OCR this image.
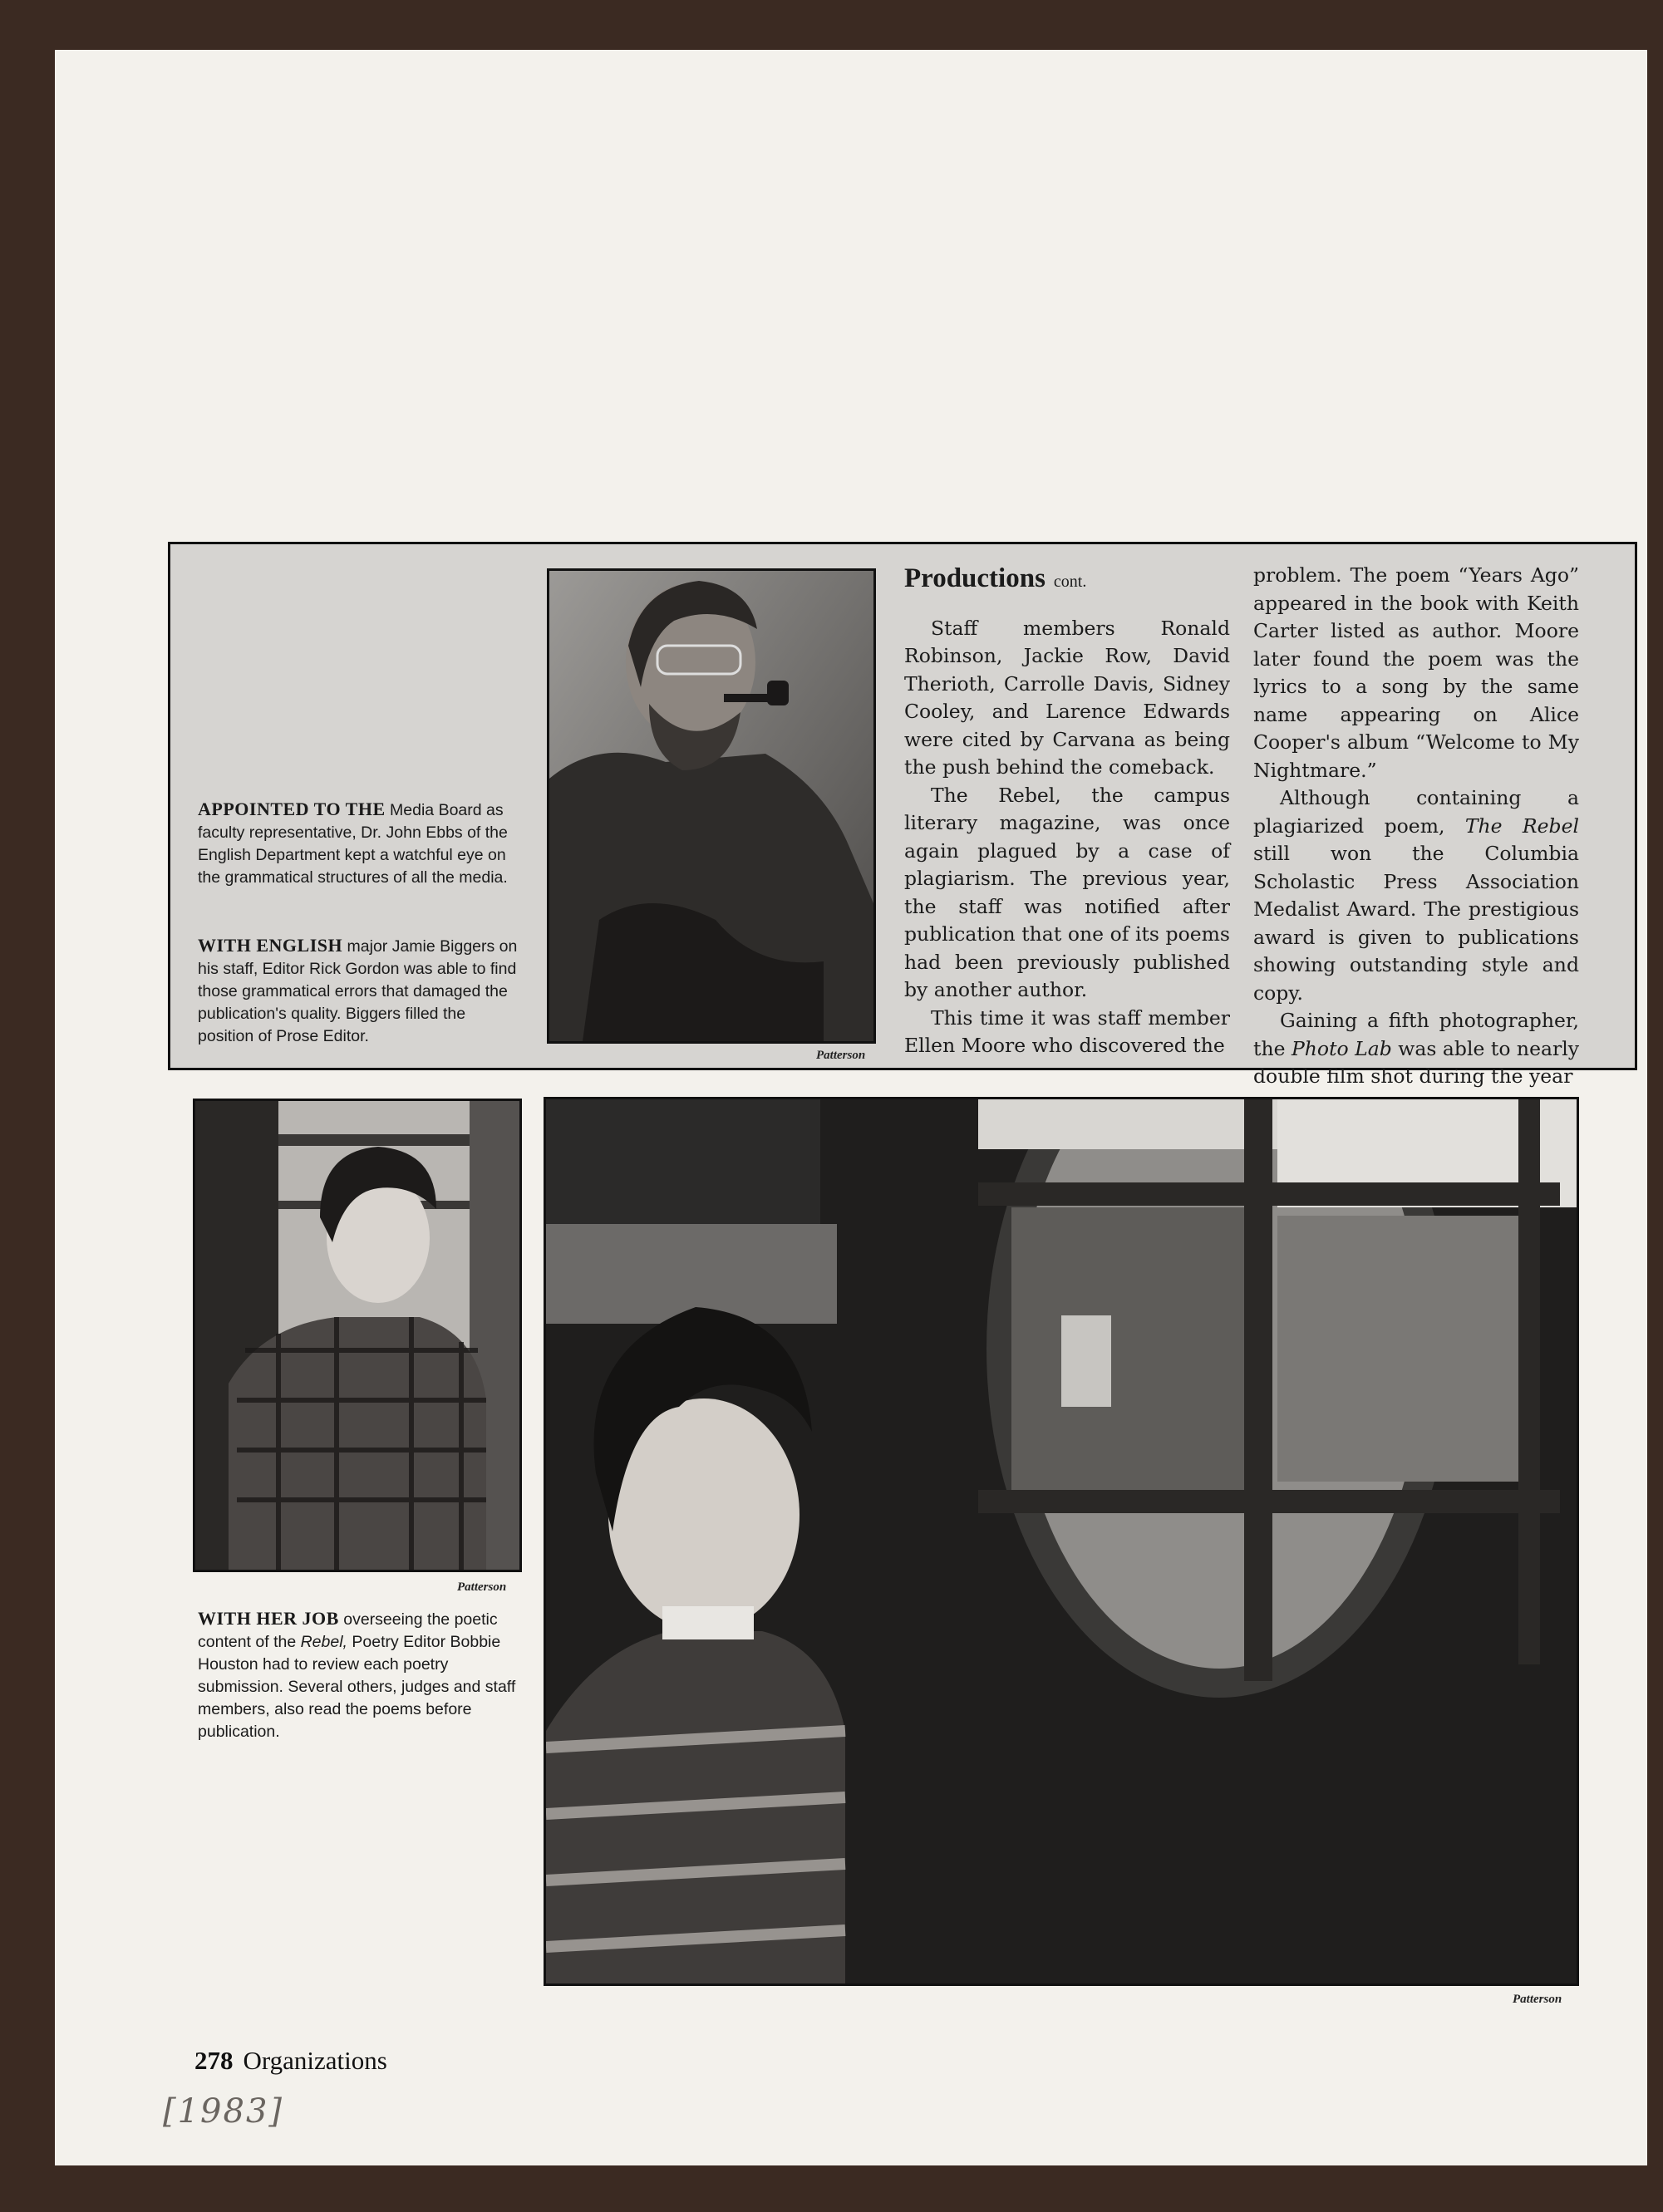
APPOINTED TO THE Media Board as faculty representative, Dr. John Ebbs of the English Department kept a watchful eye on the grammatical structures of all the media.
WITH ENGLISH major Jamie Biggers on his staff, Editor Rick Gordon was able to find those grammatical errors that damaged the publication's quality. Biggers filled the position of Prose Editor.
Patterson
Productions cont.

Staff members Ronald Robinson, Jackie Row, David Therioth, Carrolle Davis, Sidney Cooley, and Larence Edwards were cited by Carvana as being the push behind the comeback.

The Rebel, the campus literary magazine, was once again plagued by a case of plagiarism. The previous year, the staff was notified after publication that one of its poems had been previously published by another author.

This time it was staff member Ellen Moore who discovered the

problem. The poem “Years Ago” appeared in the book with Keith Carter listed as author. Moore later found the poem was the lyrics to a song by the same name appearing on Alice Cooper's album “Welcome to My Nightmare.”

Although containing a plagiarized poem, The Rebel still won the Columbia Scholastic Press Association Medalist Award. The prestigious award is given to publications showing outstanding style and copy.

Gaining a fifth photographer, the Photo Lab was able to nearly double film shot during the year

Patterson
WITH HER JOB overseeing the poetic content of the Rebel, Poetry Editor Bobbie Houston had to review each poetry submission. Several others, judges and staff members, also read the poems before publication.
Patterson
278 Organizations
[1983]
